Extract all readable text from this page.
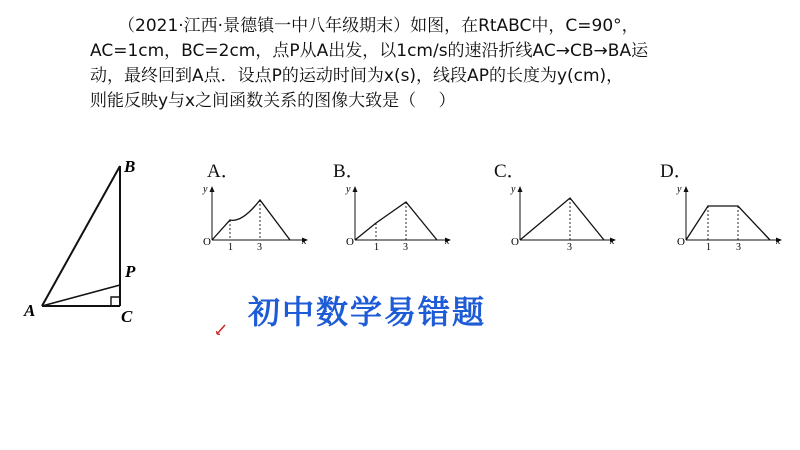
（2021·江西·景德镇一中八年级期末）如图，在RtABC中，C=90°，
AC=1cm，BC=2cm，点P从A出发，以1cm/s的速沿折线AC→CB→BA运
动，最终回到A点．设点P的运动时间为x(s)，线段AP的长度为y(cm)，
则能反映y与x之间函数关系的图像大致是（　 ）
B
P
A	C
A．
y
x
O 1 3
B．
y
x
O 1 3
C．
y
x
O	3
D．
y
x
O 1	3
初中数学易错题
